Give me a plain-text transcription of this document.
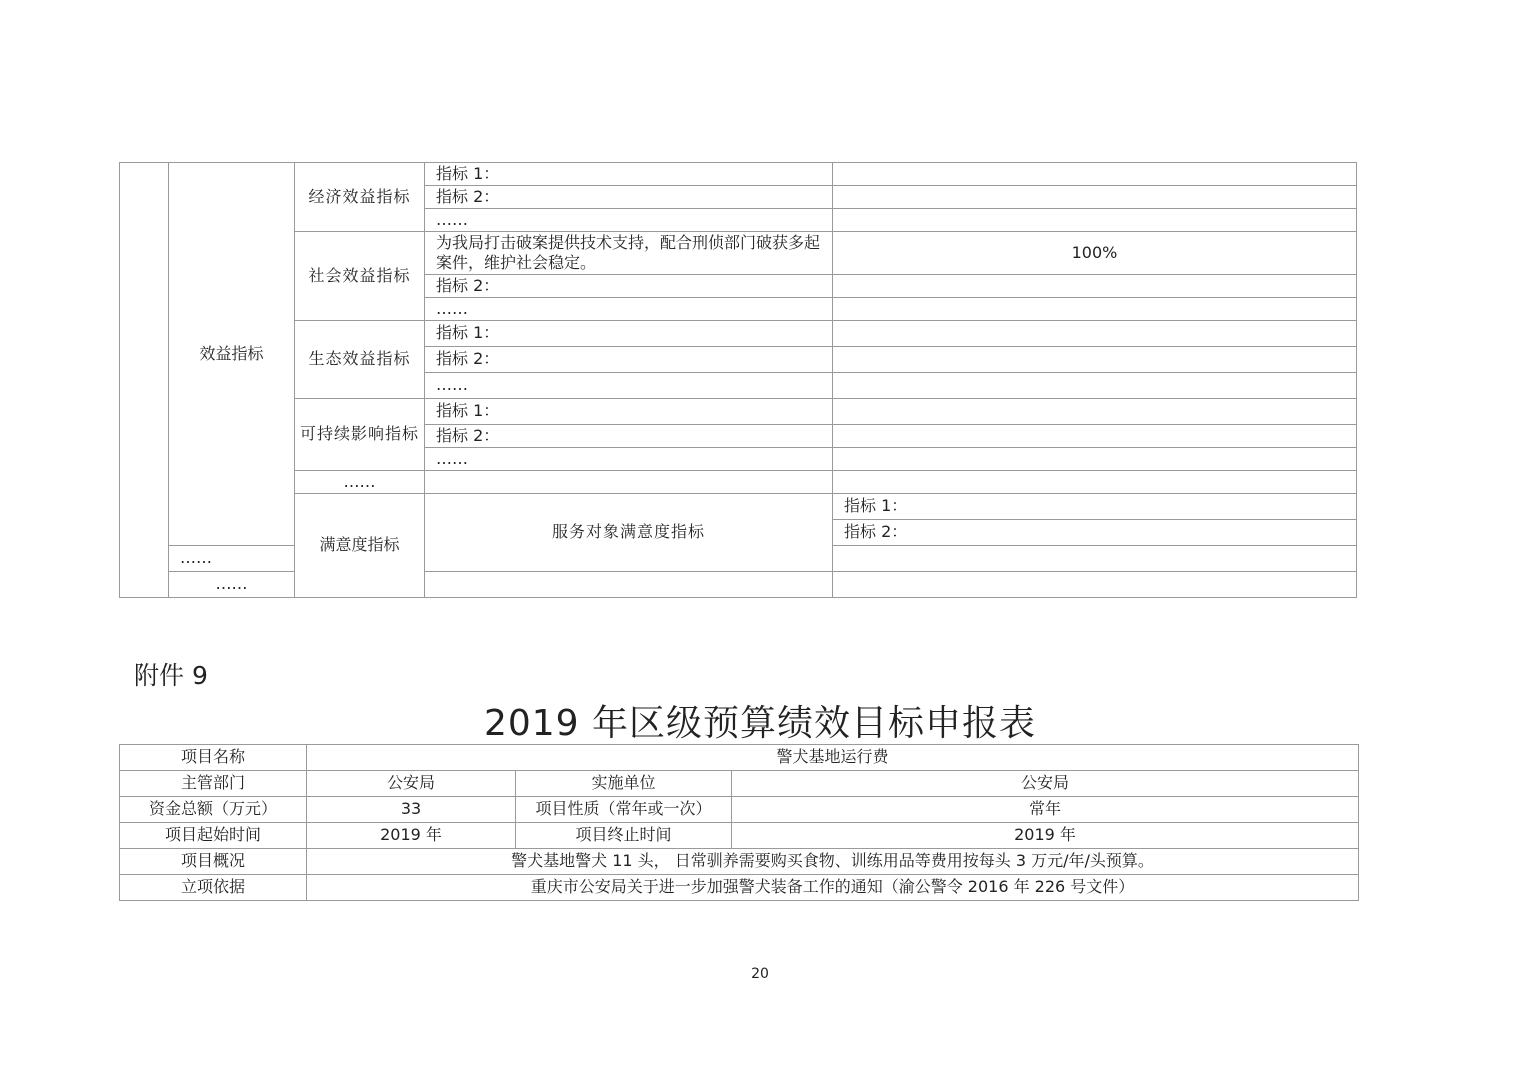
	效益指标	经济效益指标	指标 1：		
			指标 2：		
			……		
		社会效益指标	为我局打击破案提供技术支持，配合刑侦部门破获多起案件，维护社会稳定。	100%	
			指标 2：		
			……		
		生态效益指标	指标 1：		
			指标 2：		
			……		
		可持续影响指标	指标 1：		
			指标 2：		
			……		
		……			
		满意度指标	服务对象满意度指标	指标 1：	
				指标 2：	
	……				
	……				
附件 9
2019 年区级预算绩效目标申报表
项目名称	警犬基地运行费		
主管部门	公安局	实施单位	公安局
资金总额（万元）	33	项目性质（常年或一次）	常年
项目起始时间	2019 年	项目终止时间	2019 年
项目概况	警犬基地警犬 11 头， 日常驯养需要购买食物、训练用品等费用按每头 3 万元/年/头预算。		
立项依据	重庆市公安局关于进一步加强警犬装备工作的通知（渝公警令 2016 年 226 号文件）		
20
